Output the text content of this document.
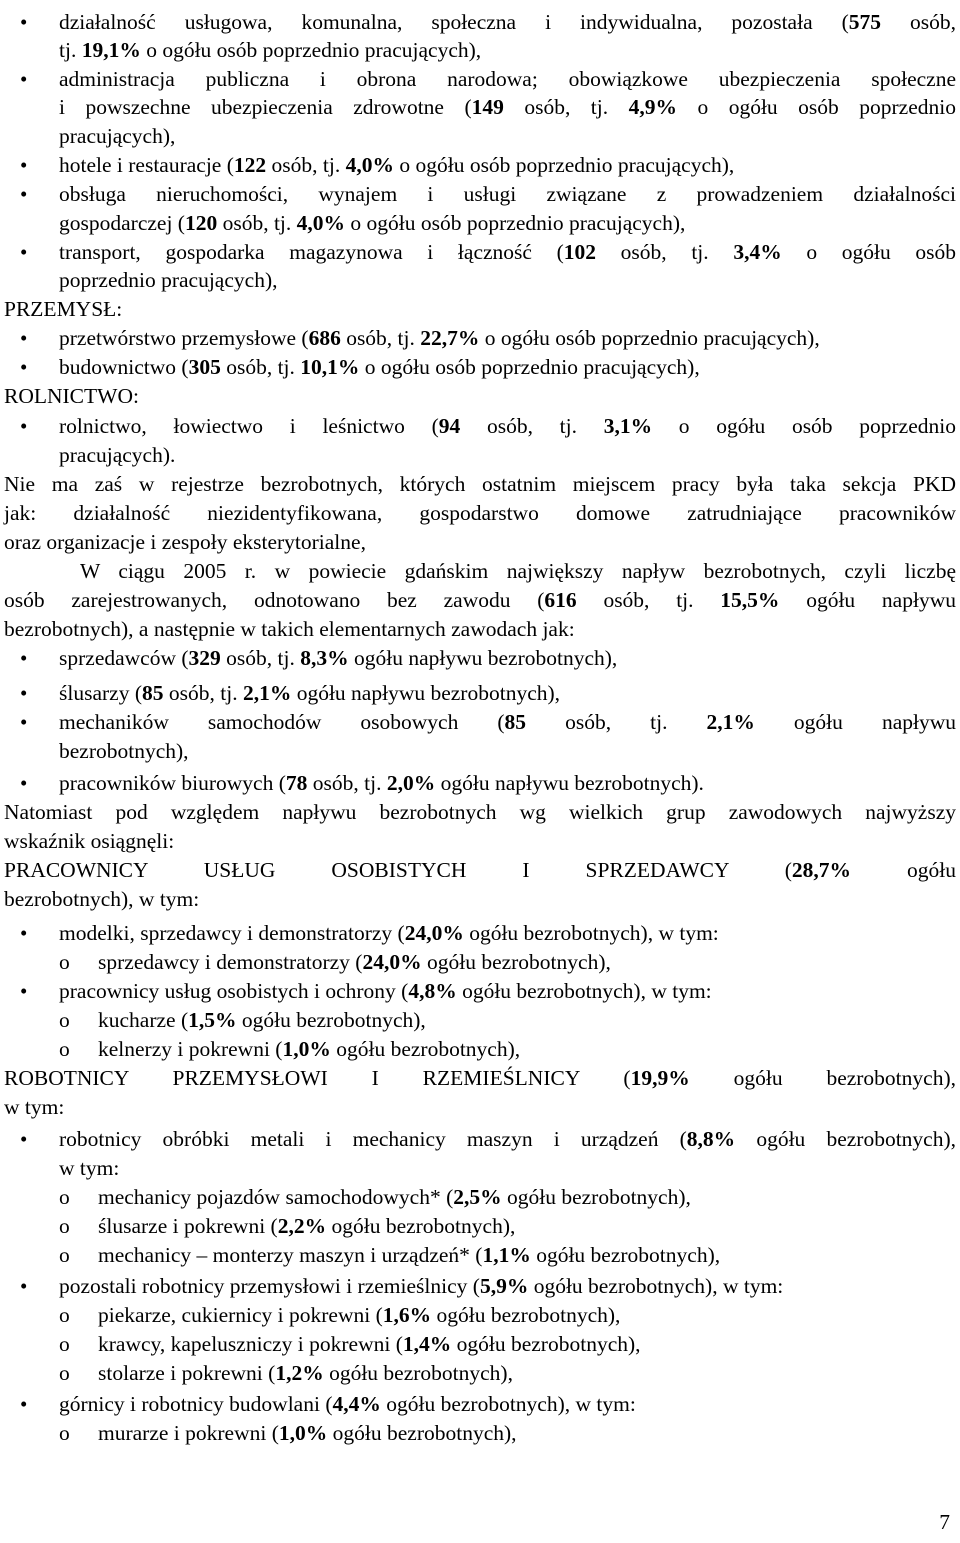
•	działalność usługowa, komunalna, społeczna i indywidualna, pozostała (575 osób,
tj. 19,1% o ogółu osób poprzednio pracujących),
•	administracja publiczna i obrona narodowa; obowiązkowe ubezpieczenia społeczne
i powszechne ubezpieczenia zdrowotne (149 osób, tj. 4,9% o ogółu osób poprzednio
pracujących),
•	hotele i restauracje (122 osób, tj. 4,0% o ogółu osób poprzednio pracujących),
•	obsługa nieruchomości, wynajem i usługi związane z prowadzeniem działalności
gospodarczej (120 osób, tj. 4,0% o ogółu osób poprzednio pracujących),
•	transport, gospodarka magazynowa i łączność (102 osób, tj. 3,4% o ogółu osób
poprzednio pracujących),
PRZEMYSŁ:
•	przetwórstwo przemysłowe (686 osób, tj. 22,7% o ogółu osób poprzednio pracujących),
•	budownictwo (305 osób, tj. 10,1% o ogółu osób poprzednio pracujących),
ROLNICTWO:
•	rolnictwo, łowiectwo i leśnictwo (94 osób, tj. 3,1% o ogółu osób poprzednio
pracujących).
Nie ma zaś w rejestrze bezrobotnych, których ostatnim miejscem pracy była taka sekcja PKD
jak: działalność niezidentyfikowana, gospodarstwo domowe zatrudniające pracowników
oraz organizacje i zespoły eksterytorialne,
W ciągu 2005 r. w powiecie gdańskim największy napływ bezrobotnych, czyli liczbę
osób zarejestrowanych, odnotowano bez zawodu (616 osób, tj. 15,5% ogółu napływu
bezrobotnych), a następnie w takich elementarnych zawodach jak:
•	sprzedawców (329 osób, tj. 8,3% ogółu napływu bezrobotnych),
•	ślusarzy (85 osób, tj. 2,1% ogółu napływu bezrobotnych),
•	mechaników samochodów osobowych (85 osób, tj. 2,1% ogółu napływu
bezrobotnych),
•	pracowników biurowych (78 osób, tj. 2,0% ogółu napływu bezrobotnych).
Natomiast pod względem napływu bezrobotnych wg wielkich grup zawodowych najwyższy
wskaźnik osiągnęli:
PRACOWNICY USŁUG OSOBISTYCH I SPRZEDAWCY (28,7% ogółu
bezrobotnych), w tym:
•	modelki, sprzedawcy i demonstratorzy (24,0% ogółu bezrobotnych), w tym:
o sprzedawcy i demonstratorzy (24,0% ogółu bezrobotnych),
•	pracownicy usług osobistych i ochrony (4,8% ogółu bezrobotnych), w tym:
o kucharze (1,5% ogółu bezrobotnych),
o kelnerzy i pokrewni (1,0% ogółu bezrobotnych),
ROBOTNICY PRZEMYSŁOWI I RZEMIEŚLNICY (19,9% ogółu bezrobotnych),
w tym:
•	robotnicy obróbki metali i mechanicy maszyn i urządzeń (8,8% ogółu bezrobotnych),
w tym:
o mechanicy pojazdów samochodowych* (2,5% ogółu bezrobotnych),
o ślusarze i pokrewni (2,2% ogółu bezrobotnych),
o mechanicy – monterzy maszyn i urządzeń* (1,1% ogółu bezrobotnych),
•	pozostali robotnicy przemysłowi i rzemieślnicy (5,9% ogółu bezrobotnych), w tym:
o piekarze, cukiernicy i pokrewni (1,6% ogółu bezrobotnych),
o krawcy, kapeluszniczy i pokrewni (1,4% ogółu bezrobotnych),
o stolarze i pokrewni (1,2% ogółu bezrobotnych),
•	górnicy i robotnicy budowlani (4,4% ogółu bezrobotnych), w tym:
o murarze i pokrewni (1,0% ogółu bezrobotnych),
7
